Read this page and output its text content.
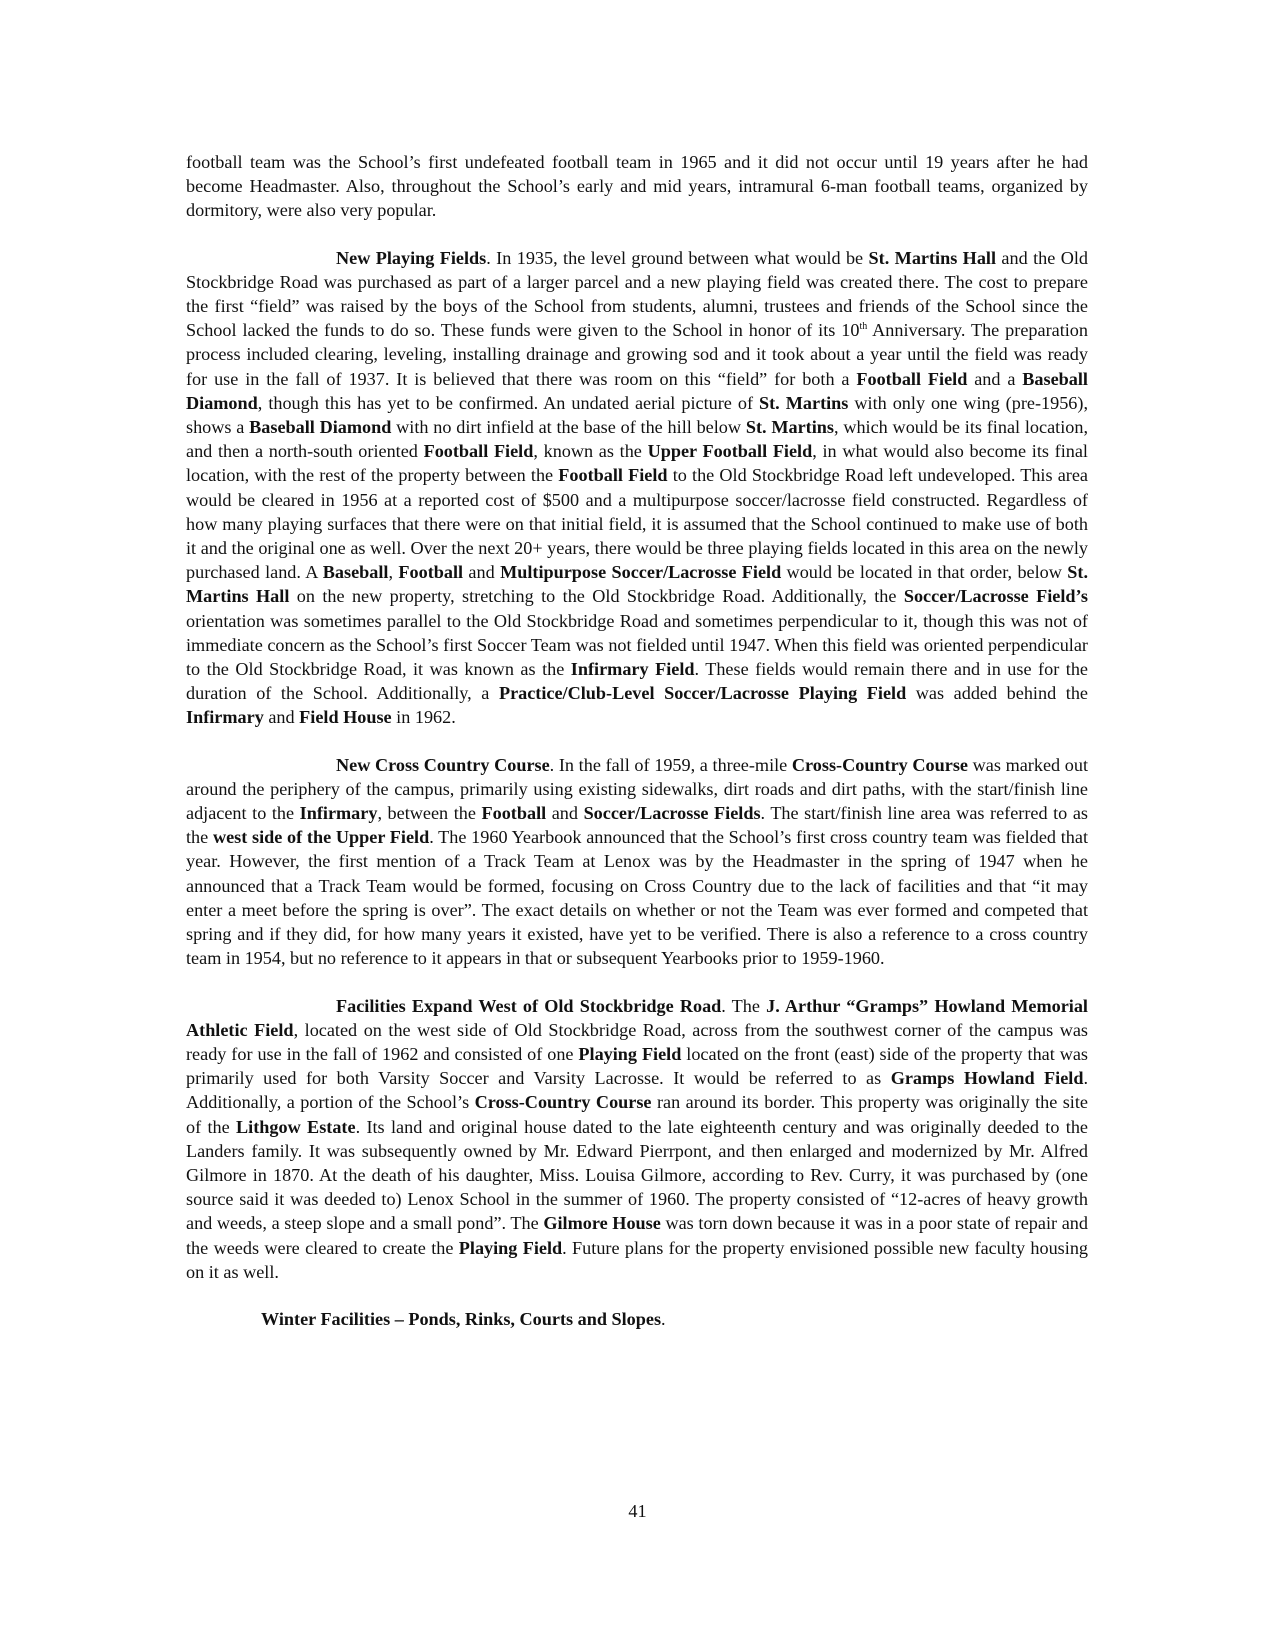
football team was the School’s first undefeated football team in 1965 and it did not occur until 19 years after he had become Headmaster. Also, throughout the School’s early and mid years, intramural 6-man football teams, organized by dormitory, were also very popular.

New Playing Fields. In 1935, the level ground between what would be St. Martins Hall and the Old Stockbridge Road was purchased as part of a larger parcel and a new playing field was created there. The cost to prepare the first “field” was raised by the boys of the School from students, alumni, trustees and friends of the School since the School lacked the funds to do so. These funds were given to the School in honor of its 10th Anniversary. The preparation process included clearing, leveling, installing drainage and growing sod and it took about a year until the field was ready for use in the fall of 1937. It is believed that there was room on this “field” for both a Football Field and a Baseball Diamond, though this has yet to be confirmed. An undated aerial picture of St. Martins with only one wing (pre-1956), shows a Baseball Diamond with no dirt infield at the base of the hill below St. Martins, which would be its final location, and then a north-south oriented Football Field, known as the Upper Football Field, in what would also become its final location, with the rest of the property between the Football Field to the Old Stockbridge Road left undeveloped. This area would be cleared in 1956 at a reported cost of $500 and a multipurpose soccer/lacrosse field constructed. Regardless of how many playing surfaces that there were on that initial field, it is assumed that the School continued to make use of both it and the original one as well. Over the next 20+ years, there would be three playing fields located in this area on the newly purchased land. A Baseball, Football and Multipurpose Soccer/Lacrosse Field would be located in that order, below St. Martins Hall on the new property, stretching to the Old Stockbridge Road. Additionally, the Soccer/Lacrosse Field’s orientation was sometimes parallel to the Old Stockbridge Road and sometimes perpendicular to it, though this was not of immediate concern as the School’s first Soccer Team was not fielded until 1947. When this field was oriented perpendicular to the Old Stockbridge Road, it was known as the Infirmary Field. These fields would remain there and in use for the duration of the School. Additionally, a Practice/Club-Level Soccer/Lacrosse Playing Field was added behind the Infirmary and Field House in 1962.

New Cross Country Course. In the fall of 1959, a three-mile Cross-Country Course was marked out around the periphery of the campus, primarily using existing sidewalks, dirt roads and dirt paths, with the start/finish line adjacent to the Infirmary, between the Football and Soccer/Lacrosse Fields. The start/finish line area was referred to as the west side of the Upper Field. The 1960 Yearbook announced that the School’s first cross country team was fielded that year. However, the first mention of a Track Team at Lenox was by the Headmaster in the spring of 1947 when he announced that a Track Team would be formed, focusing on Cross Country due to the lack of facilities and that “it may enter a meet before the spring is over”. The exact details on whether or not the Team was ever formed and competed that spring and if they did, for how many years it existed, have yet to be verified. There is also a reference to a cross country team in 1954, but no reference to it appears in that or subsequent Yearbooks prior to 1959-1960.

Facilities Expand West of Old Stockbridge Road. The J. Arthur “Gramps” Howland Memorial Athletic Field, located on the west side of Old Stockbridge Road, across from the southwest corner of the campus was ready for use in the fall of 1962 and consisted of one Playing Field located on the front (east) side of the property that was primarily used for both Varsity Soccer and Varsity Lacrosse. It would be referred to as Gramps Howland Field. Additionally, a portion of the School’s Cross-Country Course ran around its border. This property was originally the site of the Lithgow Estate. Its land and original house dated to the late eighteenth century and was originally deeded to the Landers family. It was subsequently owned by Mr. Edward Pierrpont, and then enlarged and modernized by Mr. Alfred Gilmore in 1870. At the death of his daughter, Miss. Louisa Gilmore, according to Rev. Curry, it was purchased by (one source said it was deeded to) Lenox School in the summer of 1960. The property consisted of “12-acres of heavy growth and weeds, a steep slope and a small pond”. The Gilmore House was torn down because it was in a poor state of repair and the weeds were cleared to create the Playing Field. Future plans for the property envisioned possible new faculty housing on it as well.

Winter Facilities – Ponds, Rinks, Courts and Slopes.

41
